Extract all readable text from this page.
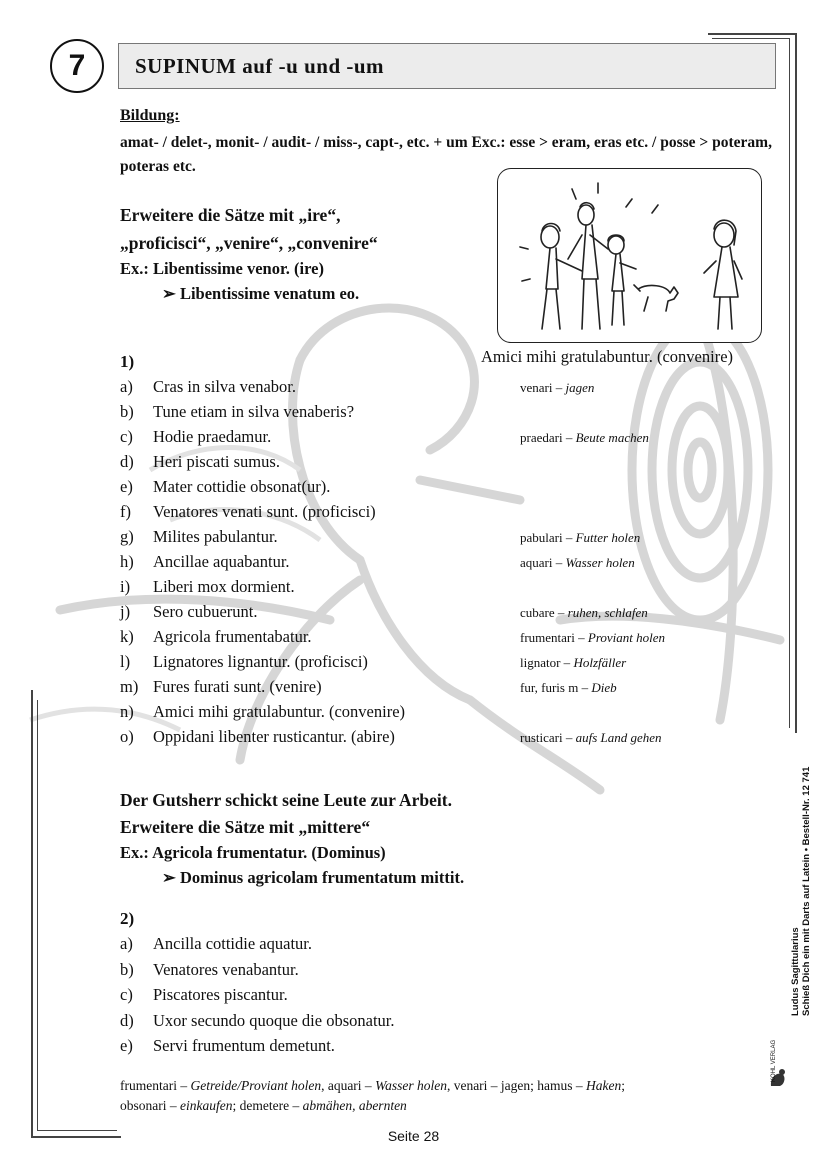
7	SUPINUM auf -u und -um
Bildung:
amat- / delet-, monit- / audit- / miss-, capt-, etc. + um Exc.: esse > eram, eras etc. / posse > poteram, poteras etc.
Amici mihi gratulabuntur. (convenire)
Erweitere die Sätze mit „ire“,
„proficisci“, „venire“, „convenire“
Ex.: Libentissime venor. (ire)
➢ Libentissime venatum eo.
1)
a) Cras in silva venabor.	venari – jagen
b) Tune etiam in silva venaberis?
c) Hodie praedamur.	praedari – Beute machen
d) Heri piscati sumus.
e) Mater cottidie obsonat(ur).
f) Venatores venati sunt. (proficisci)
g) Milites pabulantur.	pabulari – Futter holen
h) Ancillae aquabantur.	aquari – Wasser holen
i) Liberi mox dormient.
j) Sero cubuerunt.	cubare – ruhen, schlafen
k) Agricola frumentabatur.	frumentari – Proviant holen
l) Lignatores lignantur. (proficisci)	lignator – Holzfäller
m) Fures furati sunt. (venire)	fur, furis m – Dieb
n) Amici mihi gratulabuntur. (convenire)
o) Oppidani libenter rusticantur. (abire)	rusticari – aufs Land gehen
Der Gutsherr schickt seine Leute zur Arbeit.
Erweitere die Sätze mit „mittere“
Ex.: Agricola frumentatur. (Dominus)
➢ Dominus agricolam frumentatum mittit.
2)
a) Ancilla cottidie aquatur.
b) Venatores venabantur.
c) Piscatores piscantur.
d) Uxor secundo quoque die obsonatur.
e) Servi frumentum demetunt.
frumentari – Getreide/Proviant holen, aquari – Wasser holen, venari – jagen; hamus – Haken;
obsonari – einkaufen; demetere – abmähen, abernten
Ludus Sagittularius Schieß Dich ein mit Darts auf Latein • Bestell-Nr. 12 741
KOHL VERLAG
Seite 28
